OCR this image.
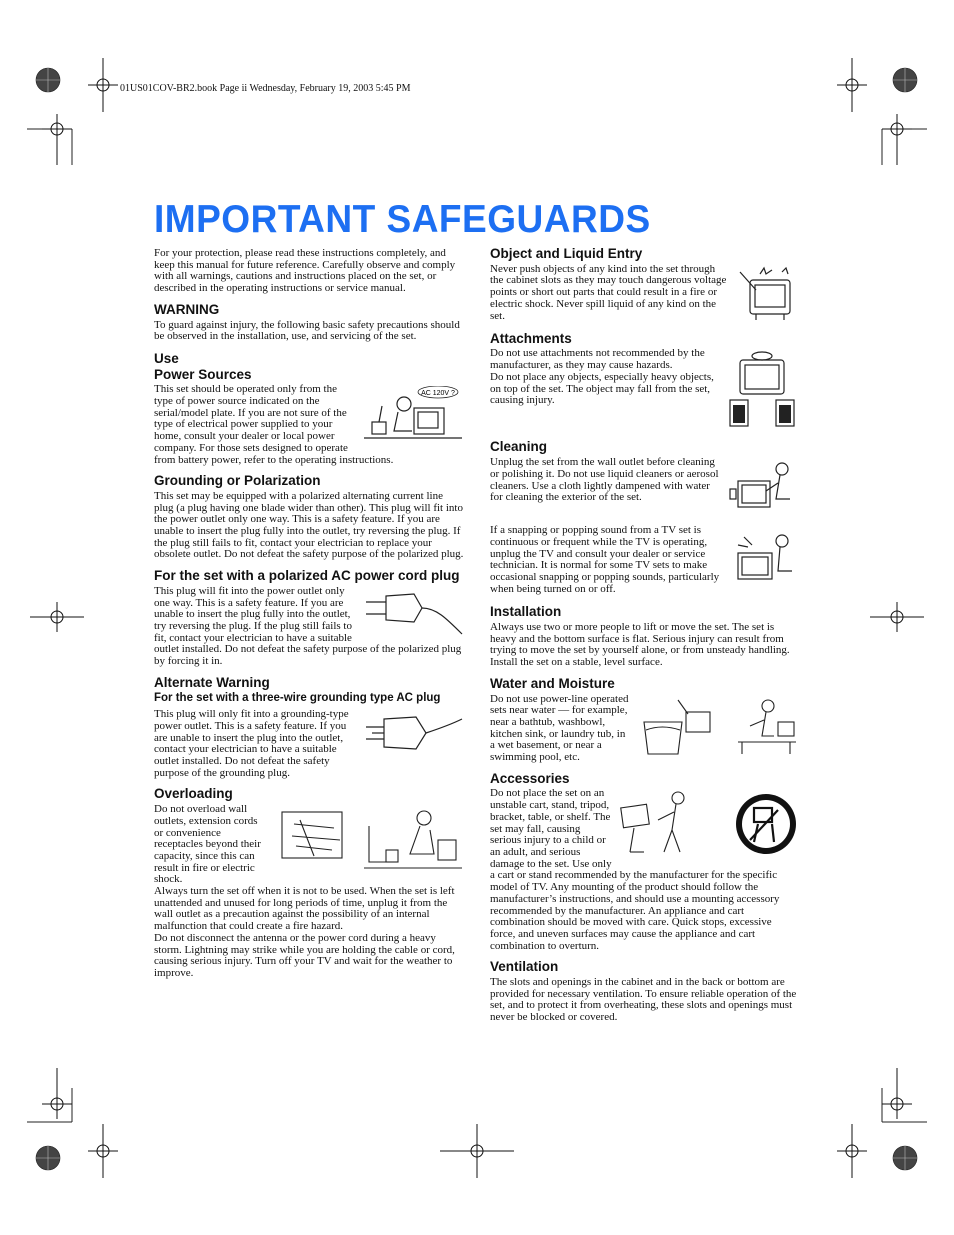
01US01COV-BR2.book Page ii Wednesday, February 19, 2003 5:45 PM
IMPORTANT SAFEGUARDS

For your protection, please read these instructions completely, and keep this manual for future reference. Carefully observe and comply with all warnings, cautions and instructions placed on the set, or described in the operating instructions or service manual.

WARNING

To guard against injury, the following basic safety precautions should be observed in the installation, use, and servicing of the set.

Use
Power Sources
AC 120V ?

This set should be operated only from the type of power source indicated on the serial/model plate. If you are not sure of the type of electrical power supplied to your home, consult your dealer or local power company. For those sets designed to operate from battery power, refer to the operating instructions.

Grounding or Polarization

This set may be equipped with a polarized alternating current line plug (a plug having one blade wider than other). This plug will fit into the power outlet only one way. This is a safety feature. If you are unable to insert the plug fully into the outlet, try reversing the plug. If the plug still fails to fit, contact your electrician to replace your obsolete outlet. Do not defeat the safety purpose of the polarized plug.

For the set with a polarized AC power cord plug

This plug will fit into the power outlet only one way. This is a safety feature. If you are unable to insert the plug fully into the outlet, try reversing the plug. If the plug still fails to fit, contact your electrician to have a suitable outlet installed. Do not defeat the safety purpose of the polarized plug by forcing it in.

Alternate Warning
For the set with a three-wire grounding type AC plug

This plug will only fit into a grounding-type power outlet. This is a safety feature. If you are unable to insert the plug into the outlet, contact your electrician to have a suitable outlet installed. Do not defeat the safety purpose of the grounding plug.

Overloading

Do not overload wall outlets, extension cords or convenience receptacles beyond their capacity, since this can result in fire or electric shock.

Always turn the set off when it is not to be used. When the set is left unattended and unused for long periods of time, unplug it from the wall outlet as a precaution against the possibility of an internal malfunction that could create a fire hazard.

Do not disconnect the antenna or the power cord during a heavy storm. Lightning may strike while you are holding the cable or cord, causing serious injury. Turn off your TV and wait for the weather to improve.

Object and Liquid Entry

Never push objects of any kind into the set through the cabinet slots as they may touch dangerous voltage points or short out parts that could result in a fire or electric shock. Never spill liquid of any kind on the set.

Attachments

Do not use attachments not recommended by the manufacturer, as they may cause hazards.

Do not place any objects, especially heavy objects, on top of the set. The object may fall from the set, causing injury.

Cleaning

Unplug the set from the wall outlet before cleaning or polishing it. Do not use liquid cleaners or aerosol cleaners. Use a cloth lightly dampened with water for cleaning the exterior of the set.

If a snapping or popping sound from a TV set is continuous or frequent while the TV is operating, unplug the TV and consult your dealer or service technician. It is normal for some TV sets to make occasional snapping or popping sounds, particularly when being turned on or off.

Installation

Always use two or more people to lift or move the set. The set is heavy and the bottom surface is flat. Serious injury can result from trying to move the set by yourself alone, or from unsteady handling.

Install the set on a stable, level surface.

Water and Moisture

Do not use power-line operated sets near water — for example, near a bathtub, washbowl, kitchen sink, or laundry tub, in a wet basement, or near a swimming pool, etc.

Accessories

Do not place the set on an unstable cart, stand, tripod, bracket, table, or shelf. The set may fall, causing serious injury to a child or an adult, and serious damage to the set. Use only a cart or stand recommended by the manufacturer for the specific model of TV. Any mounting of the product should follow the manufacturer’s instructions, and should use a mounting accessory recommended by the manufacturer. An appliance and cart combination should be moved with care. Quick stops, excessive force, and uneven surfaces may cause the appliance and cart combination to overturn.

Ventilation

The slots and openings in the cabinet and in the back or bottom are provided for necessary ventilation. To ensure reliable operation of the set, and to protect it from overheating, these slots and openings must never be blocked or covered.
